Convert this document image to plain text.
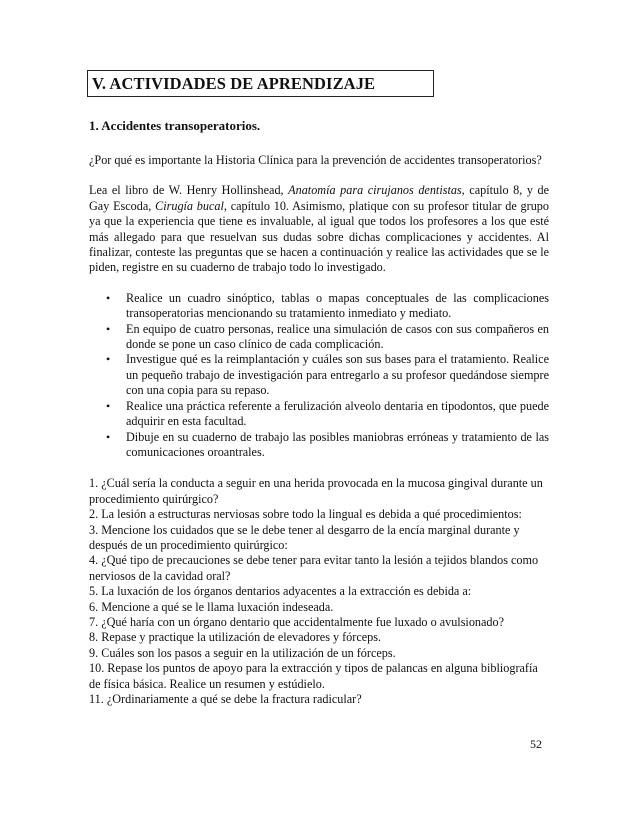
V. ACTIVIDADES DE APRENDIZAJE
1. Accidentes transoperatorios.

¿Por qué es importante la Historia Clínica para la prevención de accidentes transoperatorios?

Lea el libro de W. Henry Hollinshead, Anatomía para cirujanos dentistas, capítulo 8, y de Gay Escoda, Cirugía bucal, capítulo 10. Asimismo, platique con su profesor titular de grupo ya que la experiencia que tiene es invaluable, al igual que todos los profesores a los que esté más allegado para que resuelvan sus dudas sobre dichas complicaciones y accidentes. Al finalizar, conteste las preguntas que se hacen a continuación y realice las actividades que se le piden, registre en su cuaderno de trabajo todo lo investigado.

• Realice un cuadro sinóptico, tablas o mapas conceptuales de las complicaciones transoperatorias mencionando su tratamiento inmediato y mediato.
• En equipo de cuatro personas, realice una simulación de casos con sus compañeros en donde se pone un caso clínico de cada complicación.
• Investigue qué es la reimplantación y cuáles son sus bases para el tratamiento. Realice un pequeño trabajo de investigación para entregarlo a su profesor quedándose siempre con una copia para su repaso.
• Realice una práctica referente a ferulización alveolo dentaria en tipodontos, que puede adquirir en esta facultad.
• Dibuje en su cuaderno de trabajo las posibles maniobras erróneas y tratamiento de las comunicaciones oroantrales.

1. ¿Cuál sería la conducta a seguir en una herida provocada en la mucosa gingival durante un procedimiento quirúrgico?

2. La lesión a estructuras nerviosas sobre todo la lingual es debida a qué procedimientos:

3. Mencione los cuidados que se le debe tener al desgarro de la encía marginal durante y después de un procedimiento quirúrgico:

4. ¿Qué tipo de precauciones se debe tener para evitar tanto la lesión a tejidos blandos como nerviosos de la cavidad oral?

5. La luxación de los órganos dentarios adyacentes a la extracción es debida a:

6. Mencione a qué se le llama luxación indeseada.

7. ¿Qué haría con un órgano dentario que accidentalmente fue luxado o avulsionado?

8. Repase y practique la utilización de elevadores y fórceps.

9. Cuáles son los pasos a seguir en la utilización de un fórceps.

10. Repase los puntos de apoyo para la extracción y tipos de palancas en alguna bibliografía de física básica. Realice un resumen y estúdielo.

11. ¿Ordinariamente a qué se debe la fractura radicular?

52
